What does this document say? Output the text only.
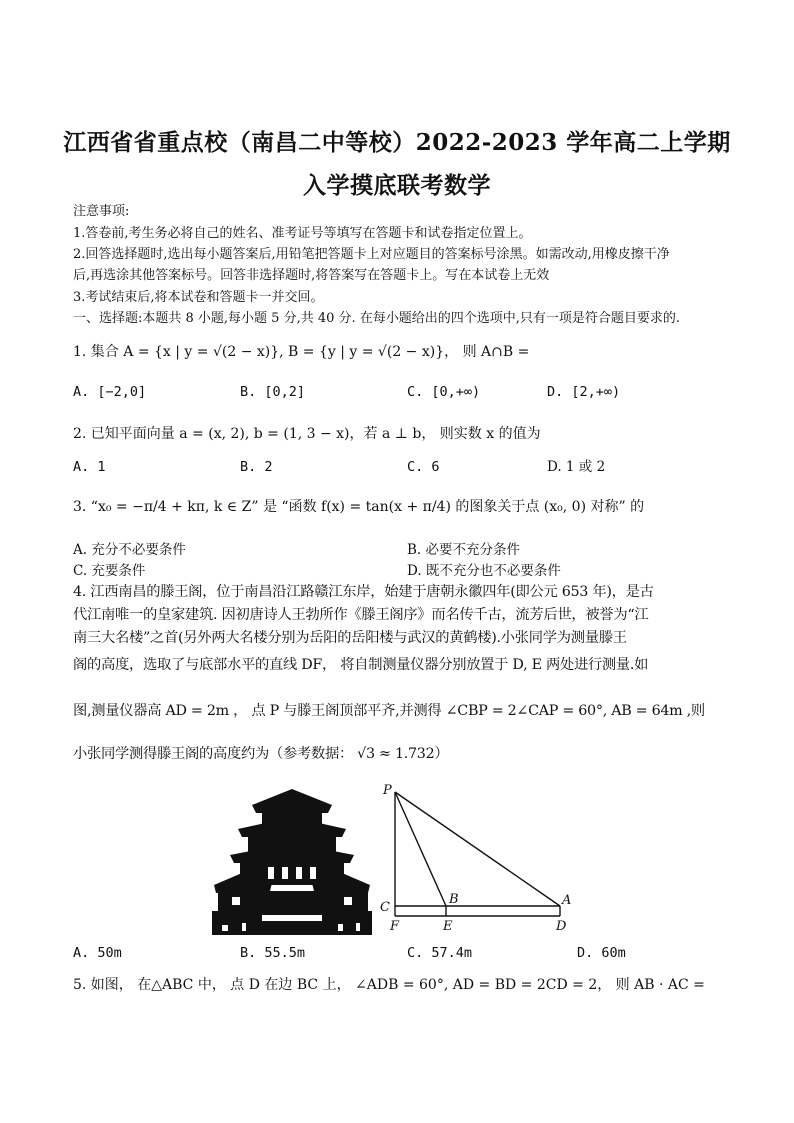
江西省省重点校（南昌二中等校）2022-2023 学年高二上学期
入学摸底联考数学
注意事项:
1.答卷前,考生务必将自己的姓名、准考证号等填写在答题卡和试卷指定位置上。
2.回答选择题时,选出每小题答案后,用铅笔把答题卡上对应题目的答案标号涂黑。如需改动,用橡皮擦干净
后,再选涂其他答案标号。回答非选择题时,将答案写在答题卡上。写在本试卷上无效
3.考试结束后,将本试卷和答题卡一并交回。
一、选择题:本题共 8 小题,每小题 5 分,共 40 分. 在每小题给出的四个选项中,只有一项是符合题目要求的.
1. 集合 A = {x | y = √(2 − x)}, B = {y | y = √(2 − x)}， 则 A∩B =
A. [−2,0]	B. [0,2]	C. [0,+∞)	D. [2,+∞)
2. 已知平面向量 a = (x, 2), b = (1, 3 − x)，若 a ⊥ b， 则实数 x 的值为
A. 1	B. 2	C. 6	D. 1 或 2
3. “x₀ = −π/4 + kπ, k ∈ Z” 是 “函数 f(x) = tan(x + π/4) 的图象关于点 (x₀, 0) 对称” 的
A. 充分不必要条件	B. 必要不充分条件
C. 充要条件	D. 既不充分也不必要条件
4. 江西南昌的滕王阁，位于南昌沿江路赣江东岸，始建于唐朝永徽四年(即公元 653 年)，是古
代江南唯一的皇家建筑. 因初唐诗人王勃所作《滕王阁序》而名传千古，流芳后世，被誉为“江
南三大名楼”之首(另外两大名楼分别为岳阳的岳阳楼与武汉的黄鹤楼).小张同学为测量滕王
阁的高度，选取了与底部水平的直线 DF， 将自制测量仪器分别放置于 D, E 两处进行测量.如
图,测量仪器高 AD = 2m ， 点 P 与滕王阁顶部平齐,并测得 ∠CBP = 2∠CAP = 60°, AB = 64m ,则
小张同学测得滕王阁的高度约为（参考数据： √3 ≈ 1.732）
P
C
F
B
E
A
D
A. 50m	B. 55.5m	C. 57.4m	D. 60m
5. 如图， 在△ABC 中， 点 D 在边 BC 上， ∠ADB = 60°, AD = BD = 2CD = 2， 则 AB · AC =
